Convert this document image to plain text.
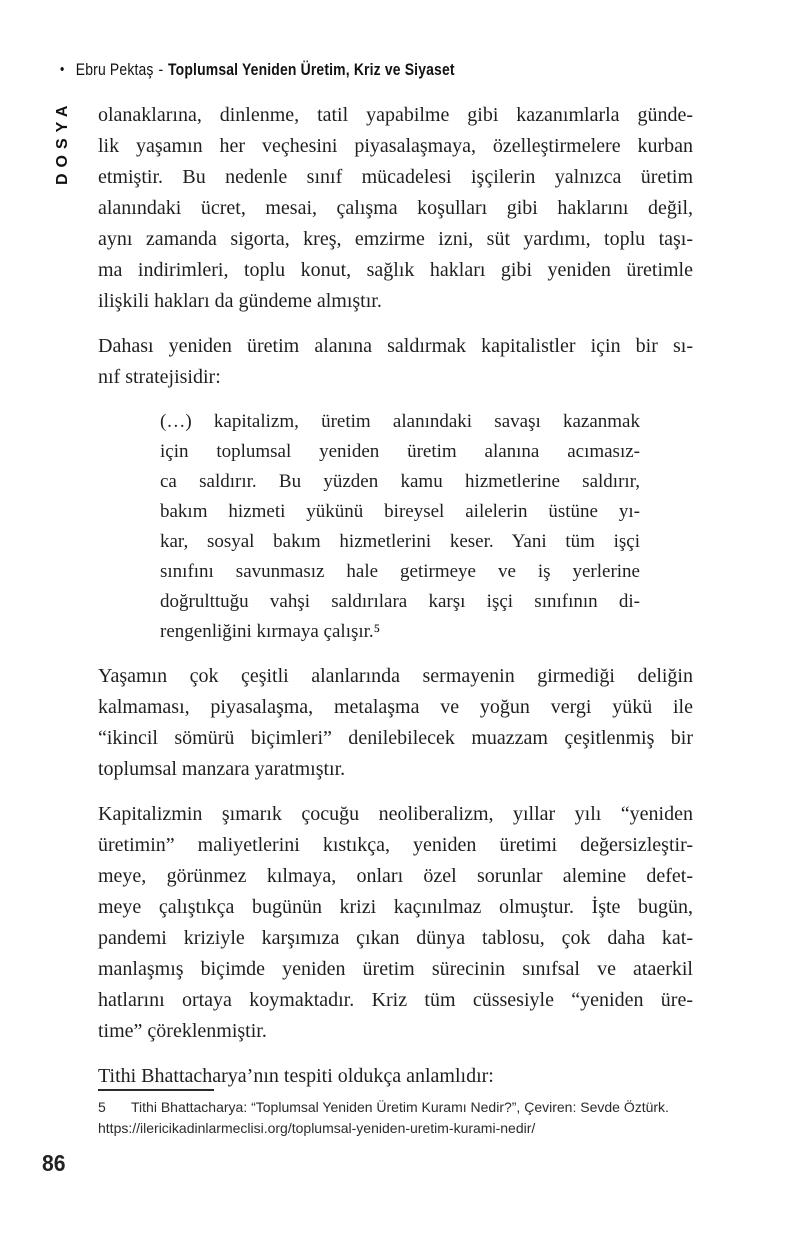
• Ebru Pektaş - Toplumsal Yeniden Üretim, Kriz ve Siyaset
DOSYA olanaklarına, dinlenme, tatil yapabilme gibi kazanımlarla günde-
lik yaşamın her veçhesini piyasalaşmaya, özelleştirmelere kurban
etmiştir. Bu nedenle sınıf mücadelesi işçilerin yalnızca üretim
alanındaki ücret, mesai, çalışma koşulları gibi haklarını değil,
aynı zamanda sigorta, kreş, emzirme izni, süt yardımı, toplu taşı-
ma indirimleri, toplu konut, sağlık hakları gibi yeniden üretimle
ilişkili hakları da gündeme almıştır.
Dahası yeniden üretim alanına saldırmak kapitalistler için bir sı-
nıf stratejisidir:
(…) kapitalizm, üretim alanındaki savaşı kazanmak
için toplumsal yeniden üretim alanına acımasız-
ca saldırır. Bu yüzden kamu hizmetlerine saldırır,
bakım hizmeti yükünü bireysel ailelerin üstüne yı-
kar, sosyal bakım hizmetlerini keser. Yani tüm işçi
sınıfını savunmasız hale getirmeye ve iş yerlerine
doğrulttuğu vahşi saldırılara karşı işçi sınıfının di-
rengenliğini kırmaya çalışır.⁵
Yaşamın çok çeşitli alanlarında sermayenin girmediği deliğin
kalmaması, piyasalaşma, metalaşma ve yoğun vergi yükü ile
“ikincil sömürü biçimleri” denilebilecek muazzam çeşitlenmiş bir
toplumsal manzara yaratmıştır.
Kapitalizmin şımarık çocuğu neoliberalizm, yıllar yılı “yeniden
üretimin” maliyetlerini kıstıkça, yeniden üretimi değersizleştir-
meye, görünmez kılmaya, onları özel sorunlar alemine defet-
meye çalıştıkça bugünün krizi kaçınılmaz olmuştur. İşte bugün,
pandemi kriziyle karşımıza çıkan dünya tablosu, çok daha kat-
manlaşmış biçimde yeniden üretim sürecinin sınıfsal ve ataerkil
hatlarını ortaya koymaktadır. Kriz tüm cüssesiyle “yeniden üre-
time” çöreklenmiştir.
Tithi Bhattacharya’nın tespiti oldukça anlamlıdır:
5 Tithi Bhattacharya: “Toplumsal Yeniden Üretim Kuramı Nedir?”, Çeviren: Sevde Öztürk. https://ilericikadinlarmeclisi.org/toplumsal-yeniden-uretim-kurami-nedir/
86
